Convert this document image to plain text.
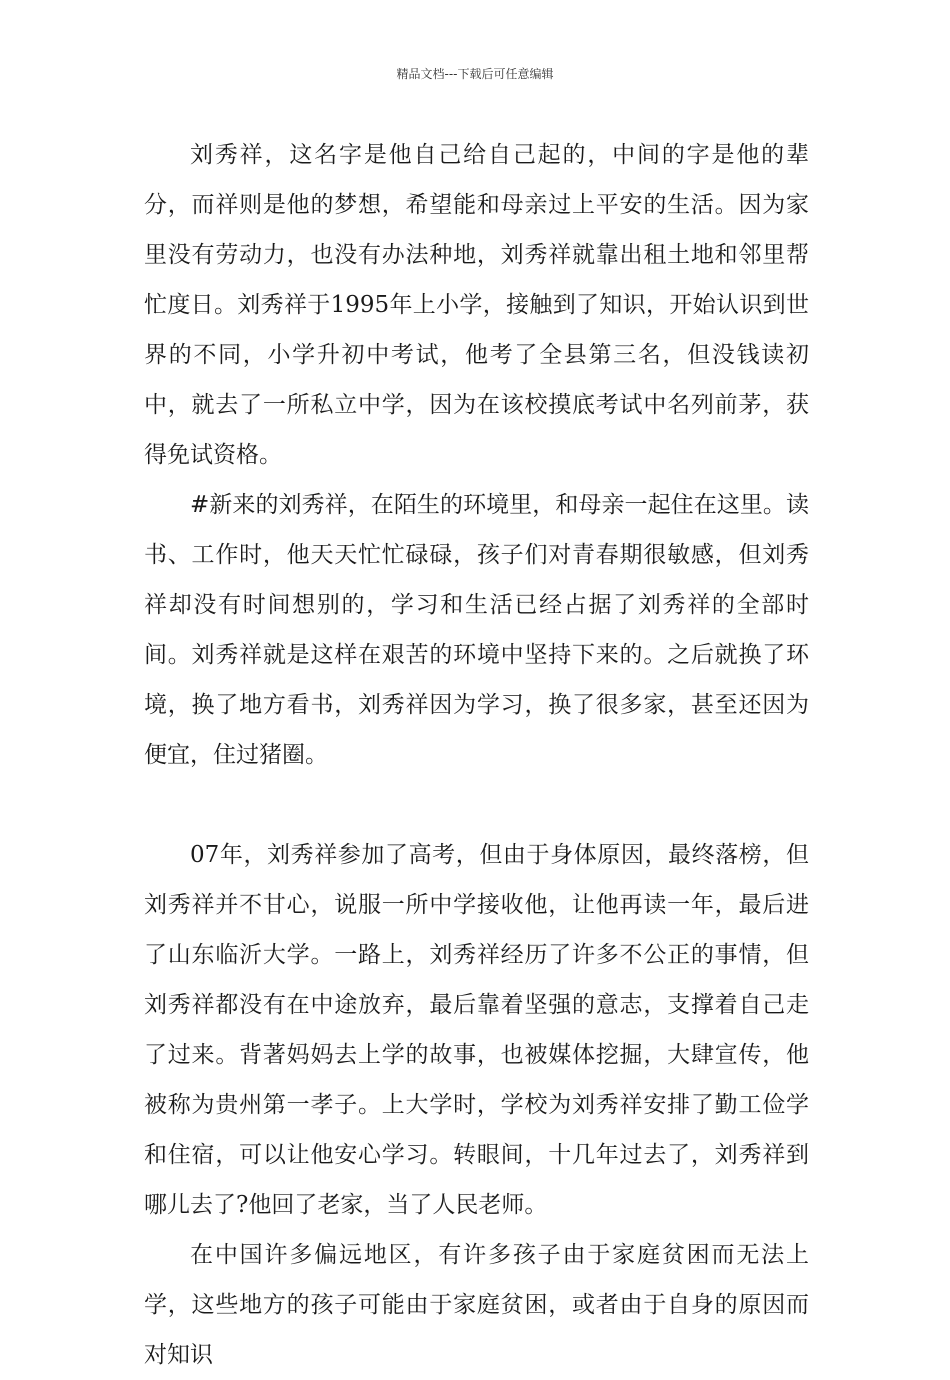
精品文档---下载后可任意编辑

刘秀祥，这名字是他自己给自己起的，中间的字是他的辈分，而祥则是他的梦想，希望能和母亲过上平安的生活。因为家里没有劳动力，也没有办法种地，刘秀祥就靠出租土地和邻里帮忙度日。刘秀祥于1995年上小学，接触到了知识，开始认识到世界的不同，小学升初中考试，他考了全县第三名，但没钱读初中，就去了一所私立中学，因为在该校摸底考试中名列前茅，获得免试资格。

#新来的刘秀祥，在陌生的环境里，和母亲一起住在这里。读书、工作时，他天天忙忙碌碌，孩子们对青春期很敏感，但刘秀祥却没有时间想别的，学习和生活已经占据了刘秀祥的全部时间。刘秀祥就是这样在艰苦的环境中坚持下来的。之后就换了环境，换了地方看书，刘秀祥因为学习，换了很多家，甚至还因为便宜，住过猪圈。

07年，刘秀祥参加了高考，但由于身体原因，最终落榜，但刘秀祥并不甘心，说服一所中学接收他，让他再读一年，最后进了山东临沂大学。一路上，刘秀祥经历了许多不公正的事情，但刘秀祥都没有在中途放弃，最后靠着坚强的意志，支撑着自己走了过来。背著妈妈去上学的故事，也被媒体挖掘，大肆宣传，他被称为贵州第一孝子。上大学时，学校为刘秀祥安排了勤工俭学和住宿，可以让他安心学习。转眼间，十几年过去了，刘秀祥到哪儿去了?他回了老家，当了人民老师。

在中国许多偏远地区，有许多孩子由于家庭贫困而无法上学，这些地方的孩子可能由于家庭贫困，或者由于自身的原因而对知识
